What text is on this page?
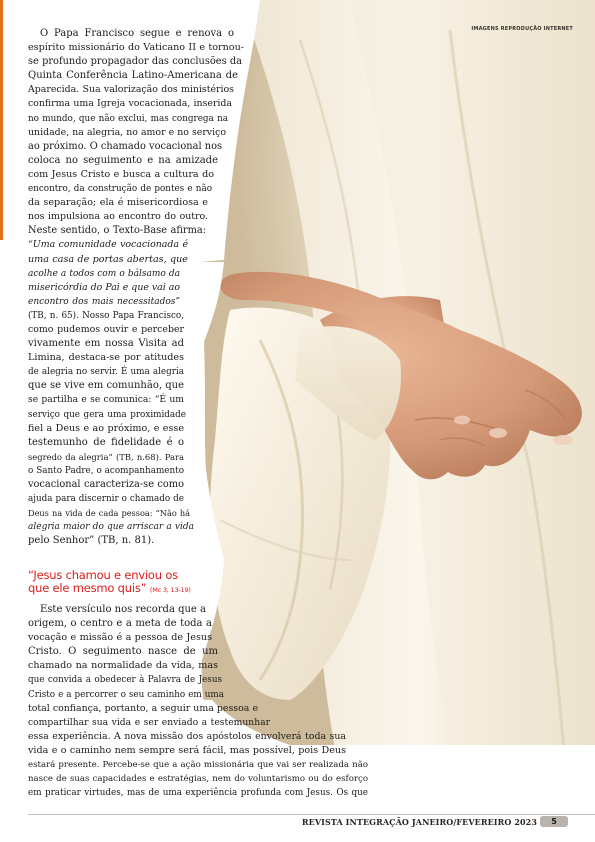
IMAGENS REPRODUÇÃO INTERNET
O Papa Francisco segue e renova o
espírito missionário do Vaticano II e tornou-
se profundo propagador das conclusões da
Quinta Conferência Latino-Americana de
Aparecida. Sua valorização dos ministérios
confirma uma Igreja vocacionada, inserida
no mundo, que não exclui, mas congrega na
unidade, na alegria, no amor e no serviço
ao próximo. O chamado vocacional nos
coloca no seguimento e na amizade
com Jesus Cristo e busca a cultura do
encontro, da construção de pontes e não
da separação; ela é misericordiosa e
nos impulsiona ao encontro do outro.
Neste sentido, o Texto-Base afirma:
“Uma comunidade vocacionada é
uma casa de portas abertas, que
acolhe a todos com o bálsamo da
misericórdia do Pai e que vai ao
encontro dos mais necessitados”
(TB, n. 65). Nosso Papa Francisco,
como pudemos ouvir e perceber
vivamente em nossa Visita ad
Limina, destaca-se por atitudes
de alegria no servir. É uma alegria
que se vive em comunhão, que
se partilha e se comunica: “É um
serviço que gera uma proximidade
fiel a Deus e ao próximo, e esse
testemunho de fidelidade é o
segredo da alegria” (TB, n.68). Para
o Santo Padre, o acompanhamento
vocacional caracteriza-se como
ajuda para discernir o chamado de
Deus na vida de cada pessoa: “Não há
alegria maior do que arriscar a vida
pelo Senhor” (TB, n. 81).
“Jesus chamou e enviou os
que ele mesmo quis” (Mc 3, 13-19)
Este versículo nos recorda que a
origem, o centro e a meta de toda a
vocação e missão é a pessoa de Jesus
Cristo. O seguimento nasce de um
chamado na normalidade da vida, mas
que convida a obedecer à Palavra de Jesus
Cristo e a percorrer o seu caminho em uma
total confiança, portanto, a seguir uma pessoa e
compartilhar sua vida e ser enviado a testemunhar
essa experiência. A nova missão dos apóstolos envolverá toda sua
vida e o caminho nem sempre será fácil, mas possível, pois Deus
estará presente. Percebe-se que a ação missionária que vai ser realizada não
nasce de suas capacidades e estratégias, nem do voluntarismo ou do esforço
em praticar virtudes, mas de uma experiência profunda com Jesus. Os que
REVISTA INTEGRAÇÃO JANEIRO/FEVEREIRO 2023	5
